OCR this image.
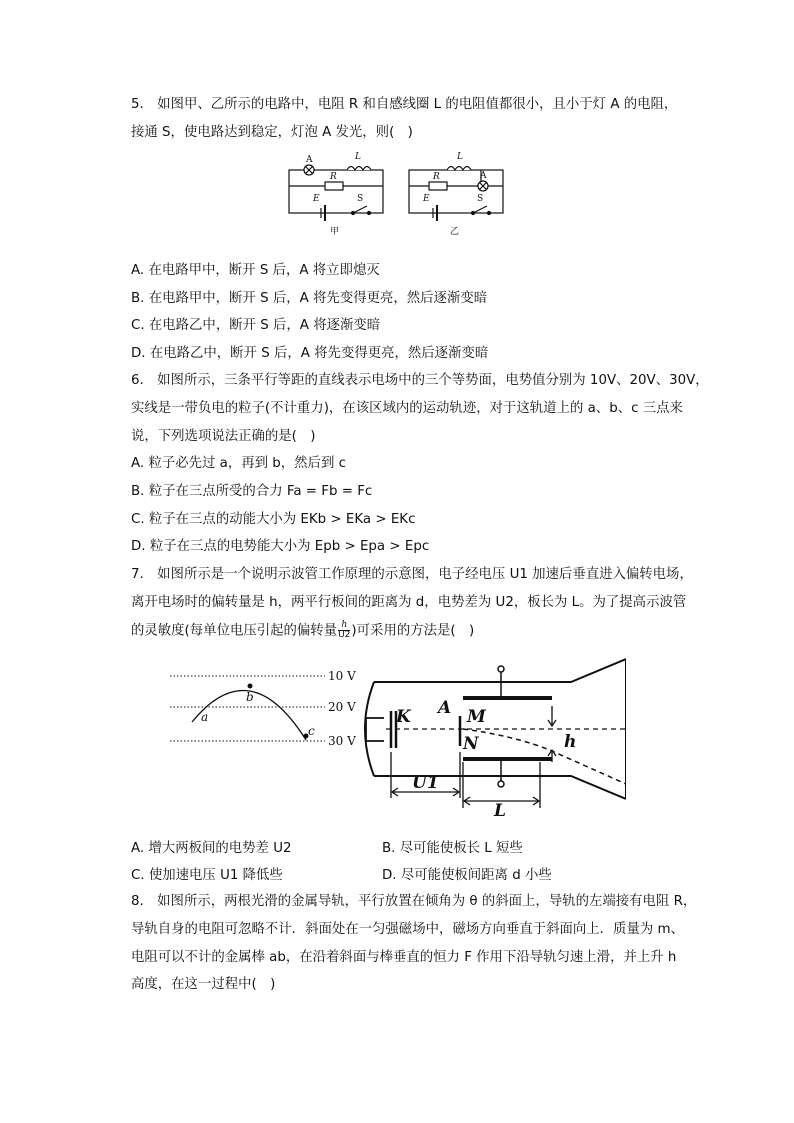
5.　如图甲、乙所示的电路中，电阻 R 和自感线圈 L 的电阻值都很小，且小于灯 A 的电阻，
接通 S，使电路达到稳定，灯泡 A 发光，则(　)
A	L
R
E	S
甲
L
R	A
E	S
乙
A. 在电路甲中，断开 S 后，A 将立即熄灭
B. 在电路甲中，断开 S 后，A 将先变得更亮，然后逐渐变暗
C. 在电路乙中，断开 S 后，A 将逐渐变暗
D. 在电路乙中，断开 S 后，A 将先变得更亮，然后逐渐变暗
6.　如图所示，三条平行等距的直线表示电场中的三个等势面，电势值分别为 10V、20V、30V，
实线是一带负电的粒子(不计重力)，在该区域内的运动轨迹，对于这轨道上的 a、b、c 三点来
说，下列选项说法正确的是(　)
A. 粒子必先过 a，再到 b，然后到 c
B. 粒子在三点所受的合力 Fa = Fb = Fc
C. 粒子在三点的动能大小为 EKb > EKa > EKc
D. 粒子在三点的电势能大小为 Epb > Epa > Epc
7.　如图所示是一个说明示波管工作原理的示意图，电子经电压 U1 加速后垂直进入偏转电场，
离开电场时的偏转量是 h，两平行板间的距离为 d，电势差为 U2，板长为 L。为了提高示波管
的灵敏度(每单位电压引起的偏转量 $\frac{h}{U2}$ )可采用的方法是(　)
10 V
20 V
30 V
a
b
c
K A M
N	h
U1
L
A. 增大两板间的电势差 U2	B. 尽可能使板长 L 短些
C. 使加速电压 U1 降低些	D. 尽可能使板间距离 d 小些
8.　如图所示，两根光滑的金属导轨，平行放置在倾角为 θ 的斜面上，导轨的左端接有电阻 R，
导轨自身的电阻可忽略不计．斜面处在一匀强磁场中，磁场方向垂直于斜面向上．质量为 m、
电阻可以不计的金属棒 ab，在沿着斜面与棒垂直的恒力 F 作用下沿导轨匀速上滑，并上升 h
高度，在这一过程中(　)
